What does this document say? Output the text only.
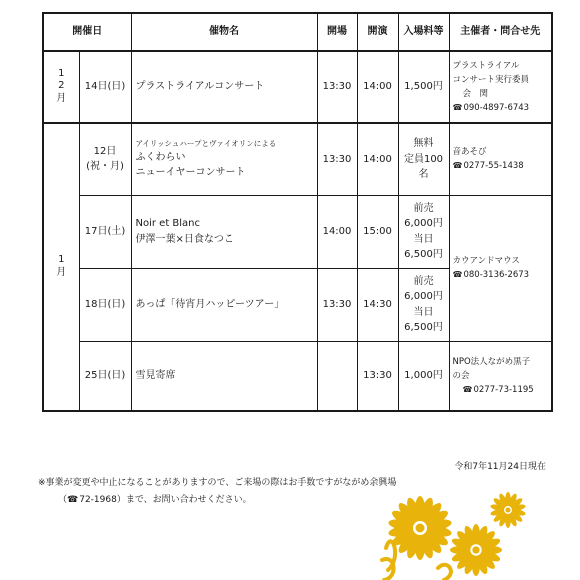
開催日		催物名	開場	開演	入場料等	主催者・問合せ先

1
2
月	14日(日)	プラストライアルコンサート	13:30	14:00	1,500円	プラストライアル
コンサート実行委員
会　関
☎ 090-4897-6743

1
月	12日
(祝・月)	アイリッシュハープとヴァイオリンによる
ふくわらい
ニューイヤーコンサート	13:30	14:00	無料
定員100名	音あそび
☎ 0277-55-1438

	17日(土)	Noir et Blanc
伊澤一葉×日食なつこ	14:00	15:00	前売
6,000円
当日
6,500円	カウアンドマウス
☎ 080-3136-2673

	18日(日)	あっぱ「待宵月ハッピーツアー」	13:30	14:30	前売
6,000円
当日
6,500円	

	25日(日)	雪見寄席		13:30	1,000円	NPO法人ながめ黒子
の会
☎ 0277-73-1195
令和7年11月24日現在
※事業が変更や中止になることがありますので、ご来場の際はお手数ですがながめ余興場
（ ☎ 72-1968）まで、お問い合わせください。
